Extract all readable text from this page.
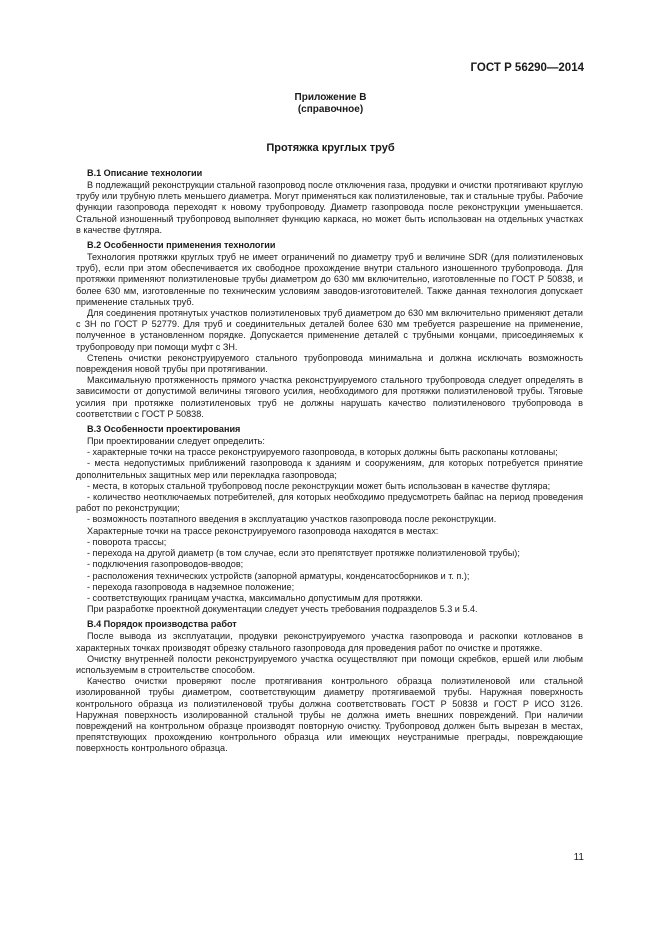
ГОСТ Р 56290—2014
Приложение В
(справочное)
Протяжка круглых труб
В.1 Описание технологии

В подлежащий реконструкции стальной газопровод после отключения газа, продувки и очистки протягивают круглую трубу или трубную плеть меньшего диаметра. Могут применяться как полиэтиленовые, так и стальные трубы. Рабочие функции газопровода переходят к новому трубопроводу. Диаметр газопровода после реконструкции уменьшается. Стальной изношенный трубопровод выполняет функцию каркаса, но может быть использован на отдельных участках в качестве футляра.

В.2 Особенности применения технологии

Технология протяжки круглых труб не имеет ограничений по диаметру труб и величине SDR (для полиэтиленовых труб), если при этом обеспечивается их свободное прохождение внутри стального изношенного трубопровода. Для протяжки применяют полиэтиленовые трубы диаметром до 630 мм включительно, изготовленные по ГОСТ Р 50838, и более 630 мм, изготовленные по техническим условиям заводов-изготовителей. Также данная технология допускает применение стальных труб.

Для соединения протянутых участков полиэтиленовых труб диаметром до 630 мм включительно применяют детали с ЗН по ГОСТ Р 52779. Для труб и соединительных деталей более 630 мм требуется разрешение на применение, полученное в установленном порядке. Допускается применение деталей с трубными концами, присоединяемых к трубопроводу при помощи муфт с ЗН.

Степень очистки реконструируемого стального трубопровода минимальна и должна исключать возможность повреждения новой трубы при протягивании.

Максимальную протяженность прямого участка реконструируемого стального трубопровода следует определять в зависимости от допустимой величины тягового усилия, необходимого для протяжки полиэтиленовой трубы. Тяговые усилия при протяжке полиэтиленовых труб не должны нарушать качество полиэтиленового трубопровода в соответствии с ГОСТ Р 50838.

В.3 Особенности проектирования

При проектировании следует определить:

- характерные точки на трассе реконструируемого газопровода, в которых должны быть раскопаны котлованы;

- места недопустимых приближений газопровода к зданиям и сооружениям, для которых потребуется принятие дополнительных защитных мер или перекладка газопровода;

- места, в которых стальной трубопровод после реконструкции может быть использован в качестве футляра;

- количество неотключаемых потребителей, для которых необходимо предусмотреть байпас на период проведения работ по реконструкции;

- возможность поэтапного введения в эксплуатацию участков газопровода после реконструкции.

Характерные точки на трассе реконструируемого газопровода находятся в местах:

- поворота трассы;

- перехода на другой диаметр (в том случае, если это препятствует протяжке полиэтиленовой трубы);

- подключения газопроводов-вводов;

- расположения технических устройств (запорной арматуры, конденсатосборников и т. п.);

- перехода газопровода в надземное положение;

- соответствующих границам участка, максимально допустимым для протяжки.

При разработке проектной документации следует учесть требования подразделов 5.3 и 5.4.

В.4 Порядок производства работ

После вывода из эксплуатации, продувки реконструируемого участка газопровода и раскопки котлованов в характерных точках производят обрезку стального газопровода для проведения работ по очистке и протяжке.

Очистку внутренней полости реконструируемого участка осуществляют при помощи скребков, ершей или любым используемым в строительстве способом.

Качество очистки проверяют после протягивания контрольного образца полиэтиленовой или стальной изолированной трубы диаметром, соответствующим диаметру протягиваемой трубы. Наружная поверхность контрольного образца из полиэтиленовой трубы должна соответствовать ГОСТ Р 50838 и ГОСТ Р ИСО 3126. Наружная поверхность изолированной стальной трубы не должна иметь внешних повреждений. При наличии повреждений на контрольном образце производят повторную очистку. Трубопровод должен быть вырезан в местах, препятствующих прохождению контрольного образца или имеющих неустранимые преграды, повреждающие поверхность контрольного образца.

11
